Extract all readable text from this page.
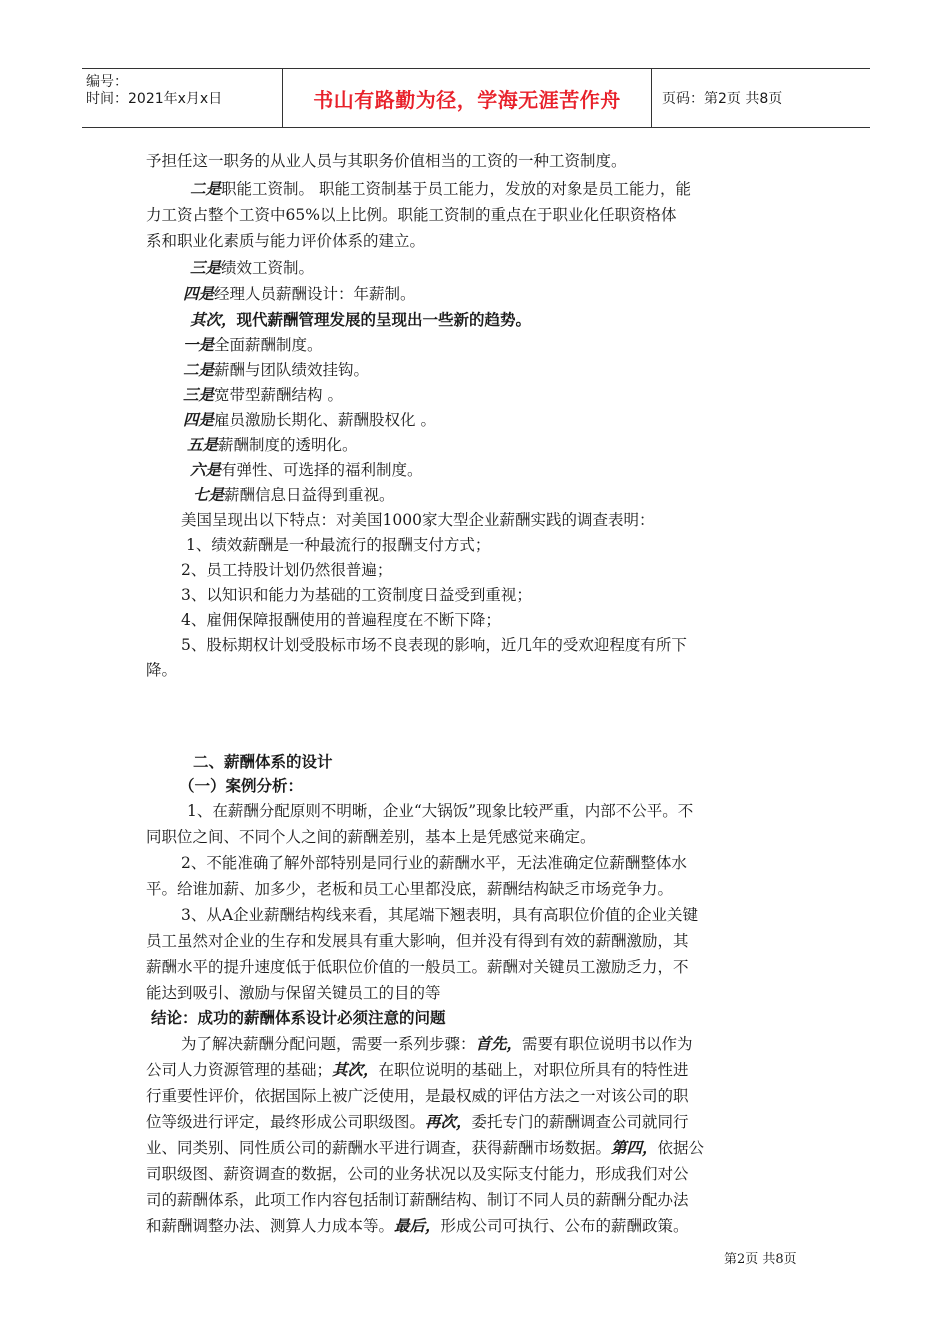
编号：
时间：2021年x月x日	书山有路勤为径，学海无涯苦作舟	页码：第2页 共8页
予担任这一职务的从业人员与其职务价值相当的工资的一种工资制度。
二是职能工资制。 职能工资制基于员工能力，发放的对象是员工能力，能
力工资占整个工资中65%以上比例。职能工资制的重点在于职业化任职资格体
系和职业化素质与能力评价体系的建立。
三是绩效工资制。
四是经理人员薪酬设计：年薪制。
其次，现代薪酬管理发展的呈现出一些新的趋势。
一是全面薪酬制度。
二是薪酬与团队绩效挂钩。
三是宽带型薪酬结构 。
四是雇员激励长期化、薪酬股权化 。
五是薪酬制度的透明化。
六是有弹性、可选择的福利制度。
七是薪酬信息日益得到重视。
美国呈现出以下特点：对美国1000家大型企业薪酬实践的调查表明：
1、绩效薪酬是一种最流行的报酬支付方式；
2、员工持股计划仍然很普遍；
3、以知识和能力为基础的工资制度日益受到重视；
4、雇佣保障报酬使用的普遍程度在不断下降；
5、股标期权计划受股标市场不良表现的影响，近几年的受欢迎程度有所下
降。
二、薪酬体系的设计
（一）案例分析：
1、在薪酬分配原则不明晰，企业“大锅饭”现象比较严重，内部不公平。不
同职位之间、不同个人之间的薪酬差别，基本上是凭感觉来确定。
2、不能准确了解外部特别是同行业的薪酬水平，无法准确定位薪酬整体水
平。给谁加薪、加多少，老板和员工心里都没底，薪酬结构缺乏市场竞争力。
3、从A企业薪酬结构线来看，其尾端下翘表明，具有高职位价值的企业关键
员工虽然对企业的生存和发展具有重大影响，但并没有得到有效的薪酬激励，其
薪酬水平的提升速度低于低职位价值的一般员工。薪酬对关键员工激励乏力，不
能达到吸引、激励与保留关键员工的目的等
结论：成功的薪酬体系设计必须注意的问题
为了解决薪酬分配问题，需要一系列步骤：首先，需要有职位说明书以作为
公司人力资源管理的基础；其次，在职位说明的基础上，对职位所具有的特性进
行重要性评价，依据国际上被广泛使用，是最权威的评估方法之一对该公司的职
位等级进行评定，最终形成公司职级图。再次，委托专门的薪酬调查公司就同行
业、同类别、同性质公司的薪酬水平进行调查，获得薪酬市场数据。第四，依据公
司职级图、薪资调查的数据，公司的业务状况以及实际支付能力，形成我们对公
司的薪酬体系，此项工作内容包括制订薪酬结构、制订不同人员的薪酬分配办法
和薪酬调整办法、测算人力成本等。最后，形成公司可执行、公布的薪酬政策。
第2页 共8页
